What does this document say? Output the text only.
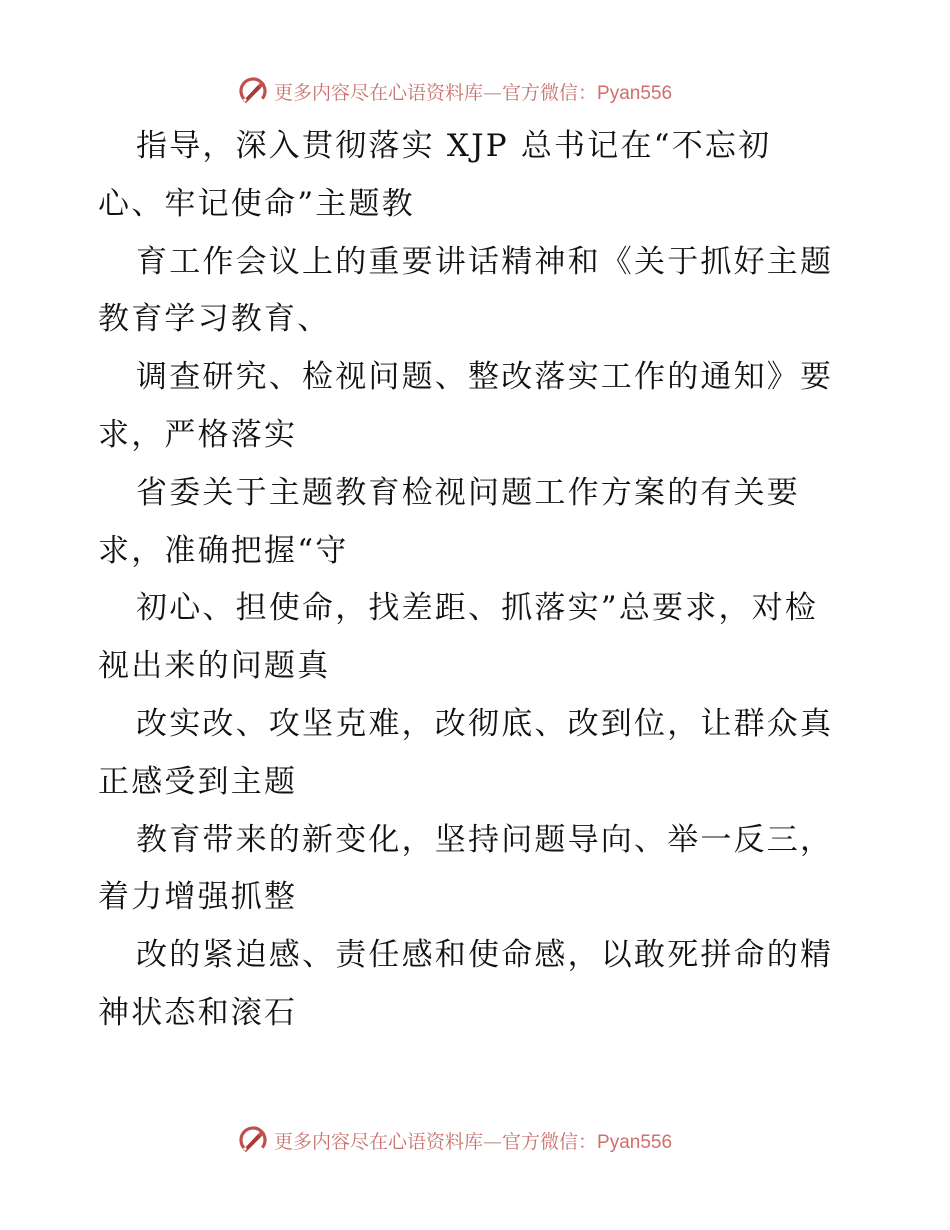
更多内容尽在心语资料库—官方微信：Pyan556
指导，深入贯彻落实 XJP 总书记在“不忘初
心、牢记使命”主题教
育工作会议上的重要讲话精神和《关于抓好主题
教育学习教育、
调查研究、检视问题、整改落实工作的通知》要
求，严格落实
省委关于主题教育检视问题工作方案的有关要
求，准确把握“守
初心、担使命，找差距、抓落实”总要求，对检
视出来的问题真
改实改、攻坚克难，改彻底、改到位，让群众真
正感受到主题
教育带来的新变化，坚持问题导向、举一反三，
着力增强抓整
改的紧迫感、责任感和使命感，以敢死拼命的精
神状态和滚石
更多内容尽在心语资料库—官方微信：Pyan556
